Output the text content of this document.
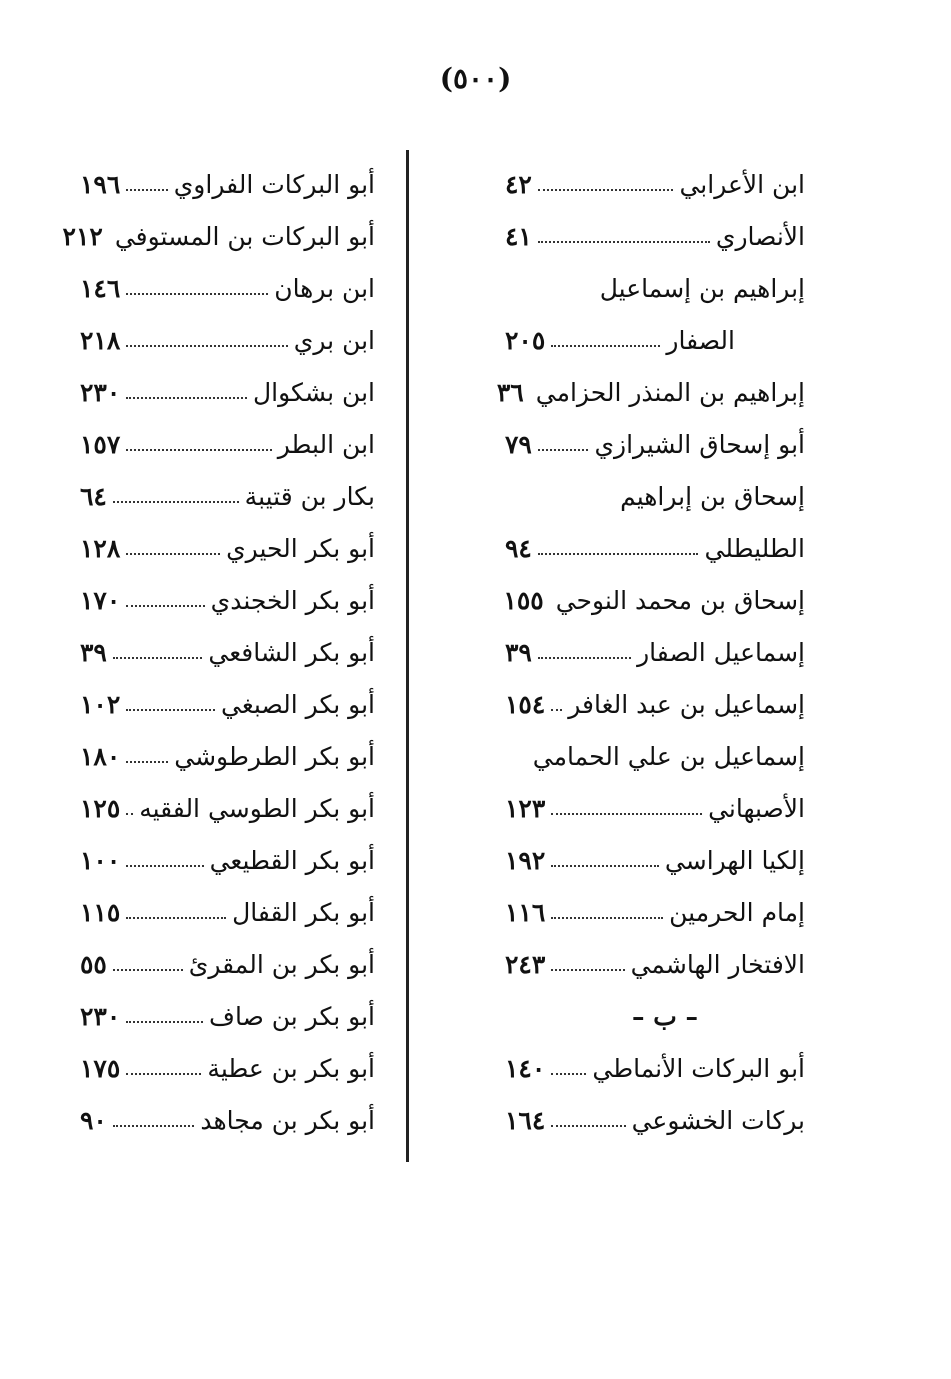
(٥٠٠)
ابن الأعرابي
٤٢
الأنصاري
٤١
إبراهيم بن إسماعيل
الصفار
٢٠٥
إبراهيم بن المنذر الحزامي
٣٦
أبو إسحاق الشيرازي
٧٩
إسحاق بن إبراهيم
الطليطلي
٩٤
إسحاق بن محمد النوحي
١٥٥
إسماعيل الصفار
٣٩
إسماعيل بن عبد الغافر
١٥٤
إسماعيل بن علي الحمامي
الأصبهاني
١٢٣
إلكيا الهراسي
١٩٢
إمام الحرمين
١١٦
الافتخار الهاشمي
٢٤٣
– ب –
أبو البركات الأنماطي
١٤٠
بركات الخشوعي
١٦٤
أبو البركات الفراوي
١٩٦
أبو البركات بن المستوفي
٢١٢
ابن برهان
١٤٦
ابن بري
٢١٨
ابن بشكوال
٢٣٠
ابن البطر
١٥٧
بكار بن قتيبة
٦٤
أبو بكر الحيري
١٢٨
أبو بكر الخجندي
١٧٠
أبو بكر الشافعي
٣٩
أبو بكر الصبغي
١٠٢
أبو بكر الطرطوشي
١٨٠
أبو بكر الطوسي الفقيه
١٢٥
أبو بكر القطيعي
١٠٠
أبو بكر القفال
١١٥
أبو بكر بن المقرئ
٥٥
أبو بكر بن صاف
٢٣٠
أبو بكر بن عطية
١٧٥
أبو بكر بن مجاهد
٩٠
